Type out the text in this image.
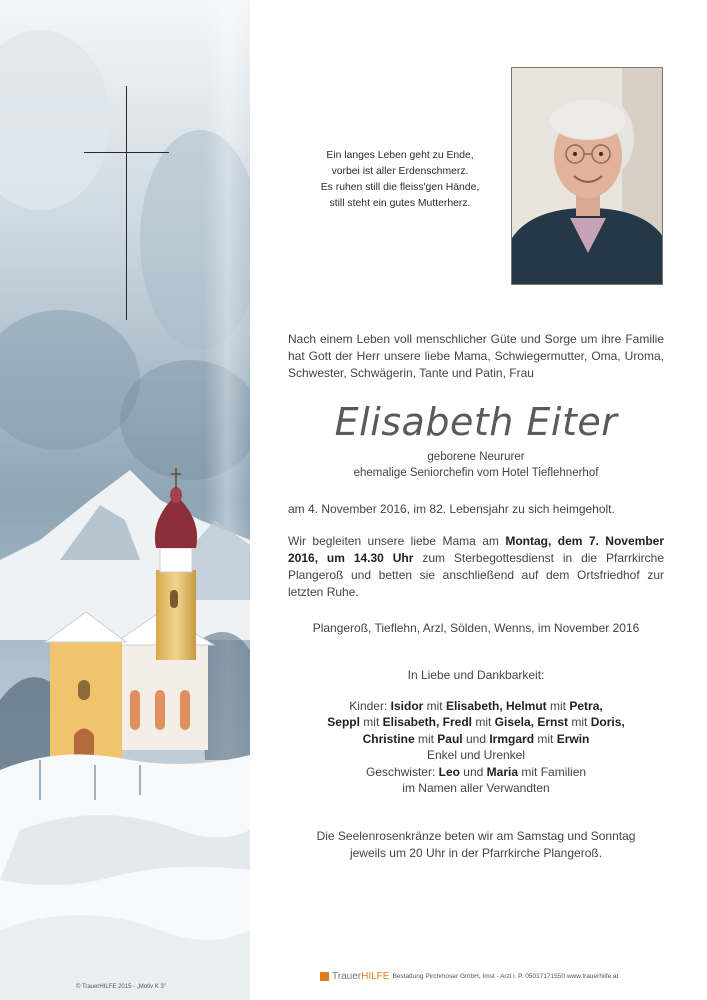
Ein langes Leben geht zu Ende,
vorbei ist aller Erdenschmerz.
Es ruhen still die fleiss'gen Hände,
still steht ein gutes Mutterherz.
Nach einem Leben voll menschlicher Güte und Sorge um ihre Familie hat Gott der Herr unsere liebe Mama, Schwiegermutter, Oma, Uroma, Schwester, Schwägerin, Tante und Patin, Frau
Elisabeth Eiter
geborene Neururer
ehemalige Seniorchefin vom Hotel Tieflehnerhof
am 4. November 2016, im 82. Lebensjahr zu sich heimgeholt.
Wir begleiten unsere liebe Mama am Montag, dem 7. November 2016, um 14.30 Uhr zum Sterbegottesdienst in die Pfarrkirche Plangeroß und betten sie anschließend auf dem Ortsfriedhof zur letzten Ruhe.
Plangeroß, Tieflehn, Arzl, Sölden, Wenns, im November 2016
In Liebe und Dankbarkeit:
Kinder: Isidor mit Elisabeth, Helmut mit Petra,
Seppl mit Elisabeth, Fredl mit Gisela, Ernst mit Doris,
Christine mit Paul und Irmgard mit Erwin
Enkel und Urenkel
Geschwister: Leo und Maria mit Familien
im Namen aller Verwandten
Die Seelenrosenkränze beten wir am Samstag und Sonntag
jeweils um 20 Uhr in der Pfarrkirche Plangeroß.
© TrauerHILFE 2015 - „Motiv K 3"
TrauerHILFE Bestattung Pirchmoser GmbH, Imst - Arzl i. P. 05017171550 www.trauerhilfe.at
